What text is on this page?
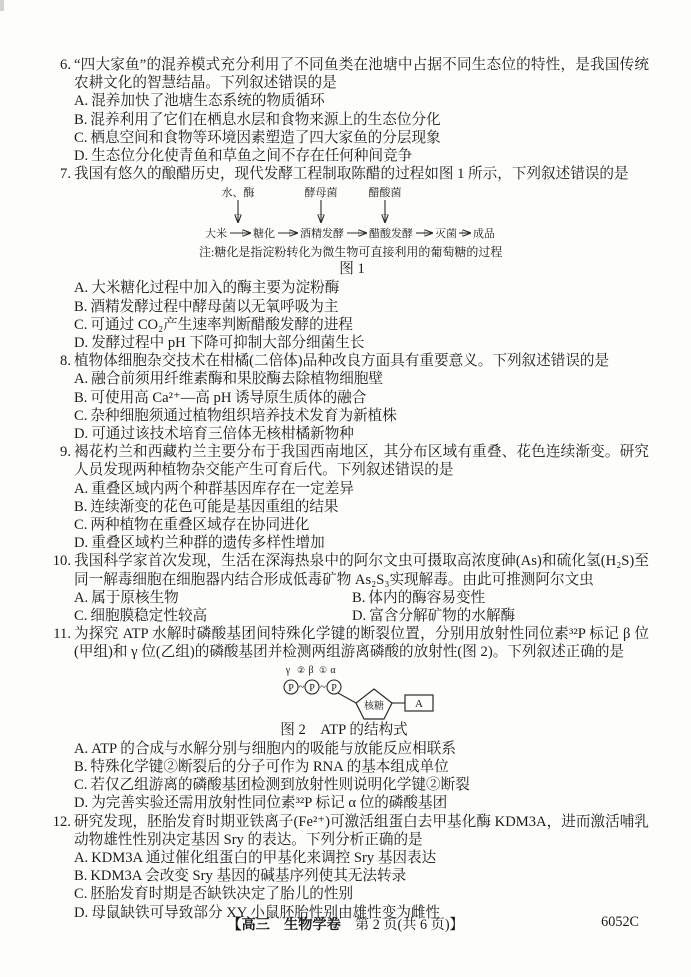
6. “四大家鱼”的混养模式充分利用了不同鱼类在池塘中占据不同生态位的特性，是我国传统农耕文化的智慧结晶。下列叙述错误的是
A. 混养加快了池塘生态系统的物质循环
B. 混养利用了它们在栖息水层和食物来源上的生态位分化
C. 栖息空间和食物等环境因素塑造了四大家鱼的分层现象
D. 生态位分化使青鱼和草鱼之间不存在任何种间竞争
7. 我国有悠久的酿醋历史，现代发酵工程制取陈醋的过程如图 1 所示，下列叙述错误的是
水、酶	酵母菌	醋酸菌
大米 糖化 酒精发酵 醋酸发酵 灭菌 成品
注:糖化是指淀粉转化为微生物可直接利用的葡萄糖的过程
图 1
A. 大米糖化过程中加入的酶主要为淀粉酶
B. 酒精发酵过程中酵母菌以无氧呼吸为主
C. 可通过 CO₂产生速率判断醋酸发酵的进程
D. 发酵过程中 pH 下降可抑制大部分细菌生长
8. 植物体细胞杂交技术在柑橘(二倍体)品种改良方面具有重要意义。下列叙述错误的是
A. 融合前须用纤维素酶和果胶酶去除植物细胞壁
B. 可使用高 Ca²⁺—高 pH 诱导原生质体的融合
C. 杂种细胞须通过植物组织培养技术发育为新植株
D. 可通过该技术培育三倍体无核柑橘新物种
9. 褐花杓兰和西藏杓兰主要分布于我国西南地区，其分布区域有重叠、花色连续渐变。研究人员发现两种植物杂交能产生可育后代。下列叙述错误的是
A. 重叠区域内两个种群基因库存在一定差异
B. 连续渐变的花色可能是基因重组的结果
C. 两种植物在重叠区域存在协同进化
D. 重叠区域杓兰种群的遗传多样性增加
10. 我国科学家首次发现，生活在深海热泉中的阿尔文虫可摄取高浓度砷(As)和硫化氢(H₂S)至同一解毒细胞在细胞器内结合形成低毒矿物 As₂S₃实现解毒。由此可推测阿尔文虫
A. 属于原核生物	B. 体内的酶容易变性
C. 细胞膜稳定性较高	D. 富含分解矿物的水解酶
11. 为探究 ATP 水解时磷酸基团间特殊化学键的断裂位置，分别用放射性同位素³²P 标记 β 位(甲组)和 γ 位(乙组)的磷酸基团并检测两组游离磷酸的放射性(图 2)。下列叙述正确的是
γ ② β ① α
P P P
~ ~
核糖	A
图 2　ATP 的结构式
A. ATP 的合成与水解分别与细胞内的吸能与放能反应相联系
B. 特殊化学键②断裂后的分子可作为 RNA 的基本组成单位
C. 若仅乙组游离的磷酸基团检测到放射性则说明化学键②断裂
D. 为完善实验还需用放射性同位素³²P 标记 α 位的磷酸基团
12. 研究发现，胚胎发育时期亚铁离子(Fe²⁺)可激活组蛋白去甲基化酶 KDM3A，进而激活哺乳动物雄性性别决定基因 Sry 的表达。下列分析正确的是
A. KDM3A 通过催化组蛋白的甲基化来调控 Sry 基因表达
B. KDM3A 会改变 Sry 基因的碱基序列使其无法转录
C. 胚胎发育时期是否缺铁决定了胎儿的性别
D. 母鼠缺铁可导致部分 XY 小鼠胚胎性别由雄性变为雌性
【高三　生物学卷　第 2 页(共 6 页)】	6052C
